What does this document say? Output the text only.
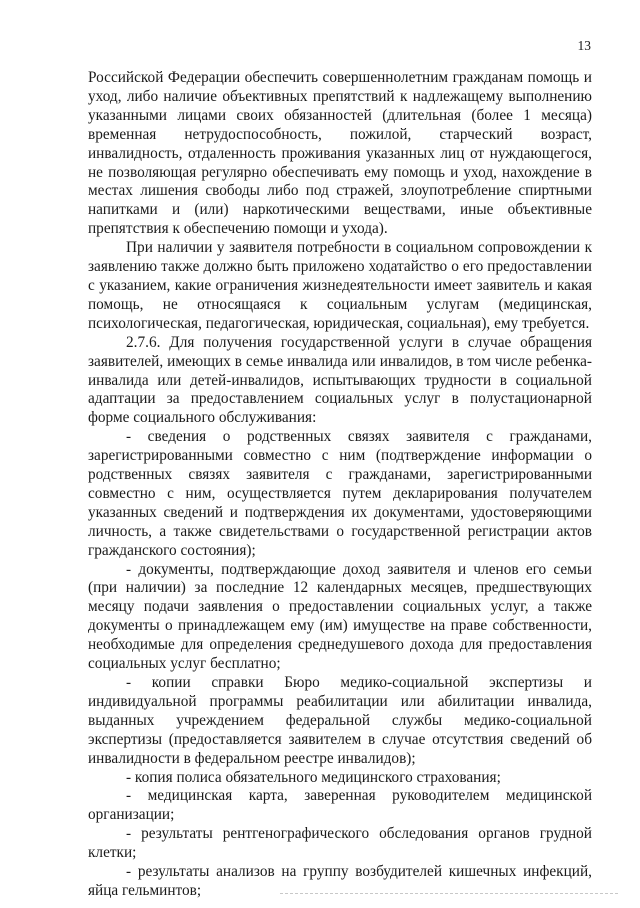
13

Российской Федерации обеспечить совершеннолетним гражданам помощь и уход, либо наличие объективных препятствий к надлежащему выполнению указанными лицами своих обязанностей (длительная (более 1 месяца) временная нетрудоспособность, пожилой, старческий возраст, инвалидность, отдаленность проживания указанных лиц от нуждающегося, не позволяющая регулярно обеспечивать ему помощь и уход, нахождение в местах лишения свободы либо под стражей, злоупотребление спиртными напитками и (или) наркотическими веществами, иные объективные препятствия к обеспечению помощи и ухода).

При наличии у заявителя потребности в социальном сопровождении к заявлению также должно быть приложено ходатайство о его предоставлении с указанием, какие ограничения жизнедеятельности имеет заявитель и какая помощь, не относящаяся к социальным услугам (медицинская, психологическая, педагогическая, юридическая, социальная), ему требуется.

2.7.6. Для получения государственной услуги в случае обращения заявителей, имеющих в семье инвалида или инвалидов, в том числе ребенка-инвалида или детей-инвалидов, испытывающих трудности в социальной адаптации за предоставлением социальных услуг в полустационарной форме социального обслуживания:

- сведения о родственных связях заявителя с гражданами, зарегистрированными совместно с ним (подтверждение информации о родственных связях заявителя с гражданами, зарегистрированными совместно с ним, осуществляется путем декларирования получателем указанных сведений и подтверждения их документами, удостоверяющими личность, а также свидетельствами о государственной регистрации актов гражданского состояния);

- документы, подтверждающие доход заявителя и членов его семьи (при наличии) за последние 12 календарных месяцев, предшествующих месяцу подачи заявления о предоставлении социальных услуг, а также документы о принадлежащем ему (им) имуществе на праве собственности, необходимые для определения среднедушевого дохода для предоставления социальных услуг бесплатно;

- копии справки Бюро медико-социальной экспертизы и индивидуальной программы реабилитации или абилитации инвалида, выданных учреждением федеральной службы медико-социальной экспертизы (предоставляется заявителем в случае отсутствия сведений об инвалидности в федеральном реестре инвалидов);

- копия полиса обязательного медицинского страхования;

- медицинская карта, заверенная руководителем медицинской организации;

- результаты рентгенографического обследования органов грудной клетки;

- результаты анализов на группу возбудителей кишечных инфекций, яйца гельминтов;
